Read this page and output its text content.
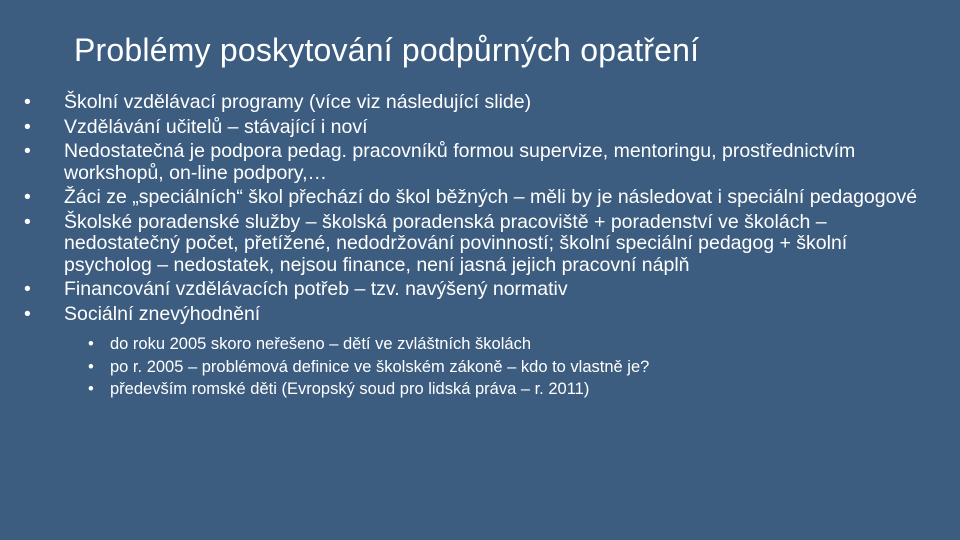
Problémy poskytování podpůrných opatření
• Školní vzdělávací programy (více viz následující slide)
• Vzdělávání učitelů – stávající i noví
• Nedostatečná je podpora pedag. pracovníků formou supervize, mentoringu, prostřednictvím workshopů, on-line podpory,…
• Žáci ze „speciálních“ škol přechází do škol běžných – měli by je následovat i speciální pedagogové
• Školské poradenské služby – školská poradenská pracoviště + poradenství ve školách – nedostatečný počet, přetížené, nedodržování povinností; školní speciální pedagog + školní psycholog – nedostatek, nejsou finance, není jasná jejich pracovní náplň
• Financování vzdělávacích potřeb – tzv. navýšený normativ
• Sociální znevýhodnění
• do roku 2005 skoro neřešeno – dětí ve zvláštních školách
• po r. 2005 – problémová definice ve školském zákoně – kdo to vlastně je?
• především romské děti (Evropský soud pro lidská práva – r. 2011)
